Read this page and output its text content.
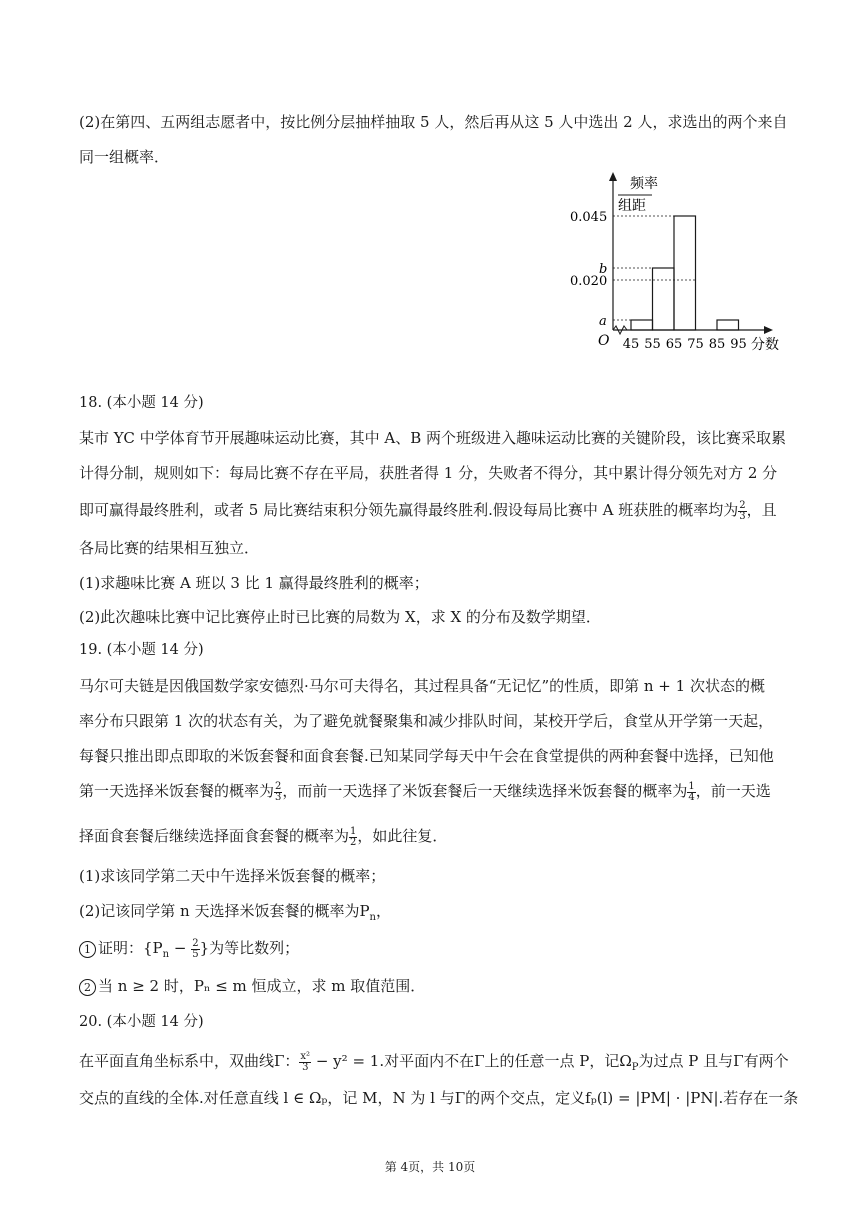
(2)在第四、五两组志愿者中，按比例分层抽样抽取 5 人，然后再从这 5 人中选出 2 人，求选出的两个来自
同一组概率．
频率
组距
O	分数
45 55 65 75 85 95
0.045
b
0.020
a
18. (本小题 14 分)
某市 YC 中学体育节开展趣味运动比赛，其中 A、B 两个班级进入趣味运动比赛的关键阶段，该比赛采取累
计得分制，规则如下：每局比赛不存在平局，获胜者得 1 分，失败者不得分，其中累计得分领先对方 2 分
即可赢得最终胜利，或者 5 局比赛结束积分领先赢得最终胜利.假设每局比赛中 A 班获胜的概率均为 $\frac{2}{3}$ ，且
各局比赛的结果相互独立．
(1)求趣味比赛 A 班以 3 比 1 赢得最终胜利的概率；
(2)此次趣味比赛中记比赛停止时已比赛的局数为 X，求 X 的分布及数学期望．
19. (本小题 14 分)
马尔可夫链是因俄国数学家安德烈·马尔可夫得名，其过程具备“无记忆”的性质，即第 n + 1 次状态的概
率分布只跟第 1 次的状态有关，为了避免就餐聚集和减少排队时间，某校开学后，食堂从开学第一天起，
每餐只推出即点即取的米饭套餐和面食套餐.已知某同学每天中午会在食堂提供的两种套餐中选择，已知他
第一天选择米饭套餐的概率为 $\frac{2}{3}$ ，而前一天选择了米饭套餐后一天继续选择米饭套餐的概率为 $\frac{1}{4}$ ，前一天选
择面食套餐后继续选择面食套餐的概率为 $\frac{1}{2}$ ，如此往复．
(1)求该同学第二天中午选择米饭套餐的概率；
(2)记该同学第 n 天选择米饭套餐的概率为$P_n$，
1 证明：{$P_n - \frac{2}{5}$ }为等比数列；
2 当 n ≥ 2 时，Pₙ ≤ m 恒成立，求 m 取值范围．
20. (本小题 14 分)
在平面直角坐标系中，双曲线Γ： $\frac{\text{x²}}{3} - y^2 = 1$.对平面内不在Γ上的任意一点 P，记$\Omega_P$为过点 P 且与Γ有两个
交点的直线的全体.对任意直线 l ∈ Ωₚ，记 M，N 为 l 与Γ的两个交点，定义fₚ(l) = |PM| · |PN|.若存在一条
第 4页，共 10页
